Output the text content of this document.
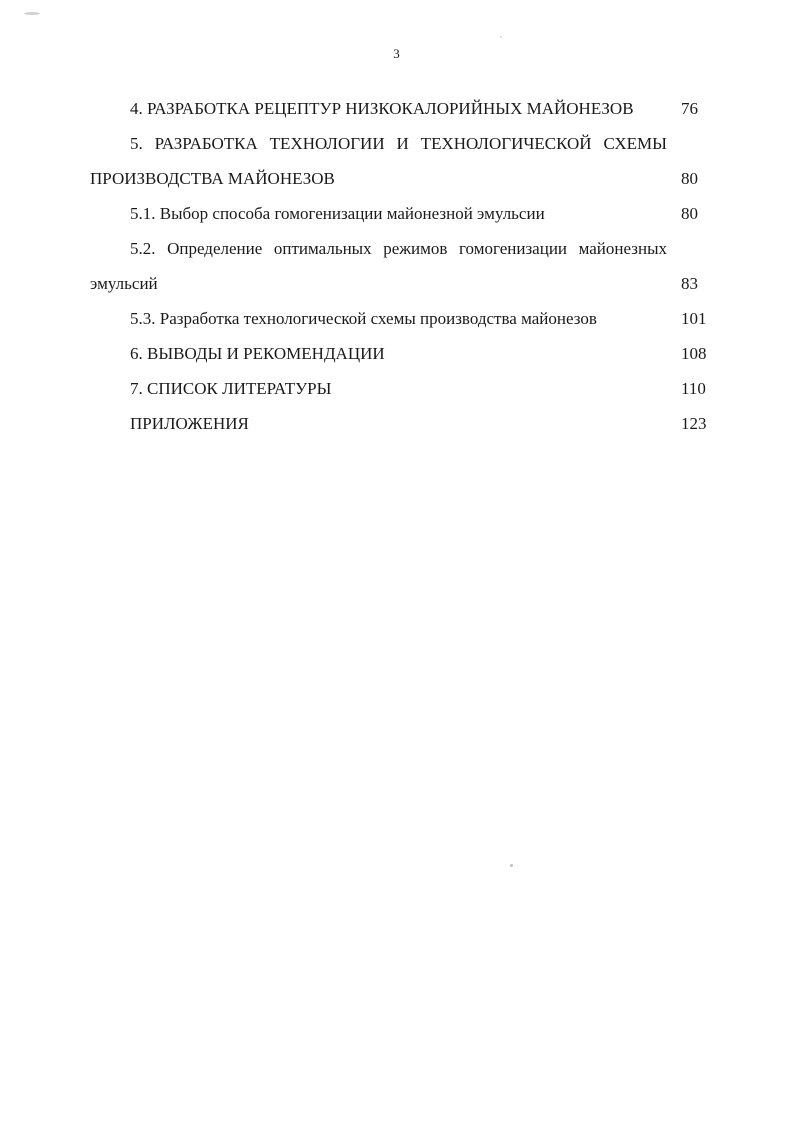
3
4. РАЗРАБОТКА РЕЦЕПТУР НИЗКОКАЛОРИЙНЫХ МАЙОНЕЗОВ	76
5. РАЗРАБОТКА ТЕХНОЛОГИИ И ТЕХНОЛОГИЧЕСКОЙ СХЕМЫ
ПРОИЗВОДСТВА МАЙОНЕЗОВ	80
5.1. Выбор способа гомогенизации майонезной эмульсии	80
5.2. Определение оптимальных режимов гомогенизации майонезных
эмульсий	83
5.3. Разработка технологической схемы производства майонезов	101
6. ВЫВОДЫ И РЕКОМЕНДАЦИИ	108
7. СПИСОК ЛИТЕРАТУРЫ	110
ПРИЛОЖЕНИЯ	123
